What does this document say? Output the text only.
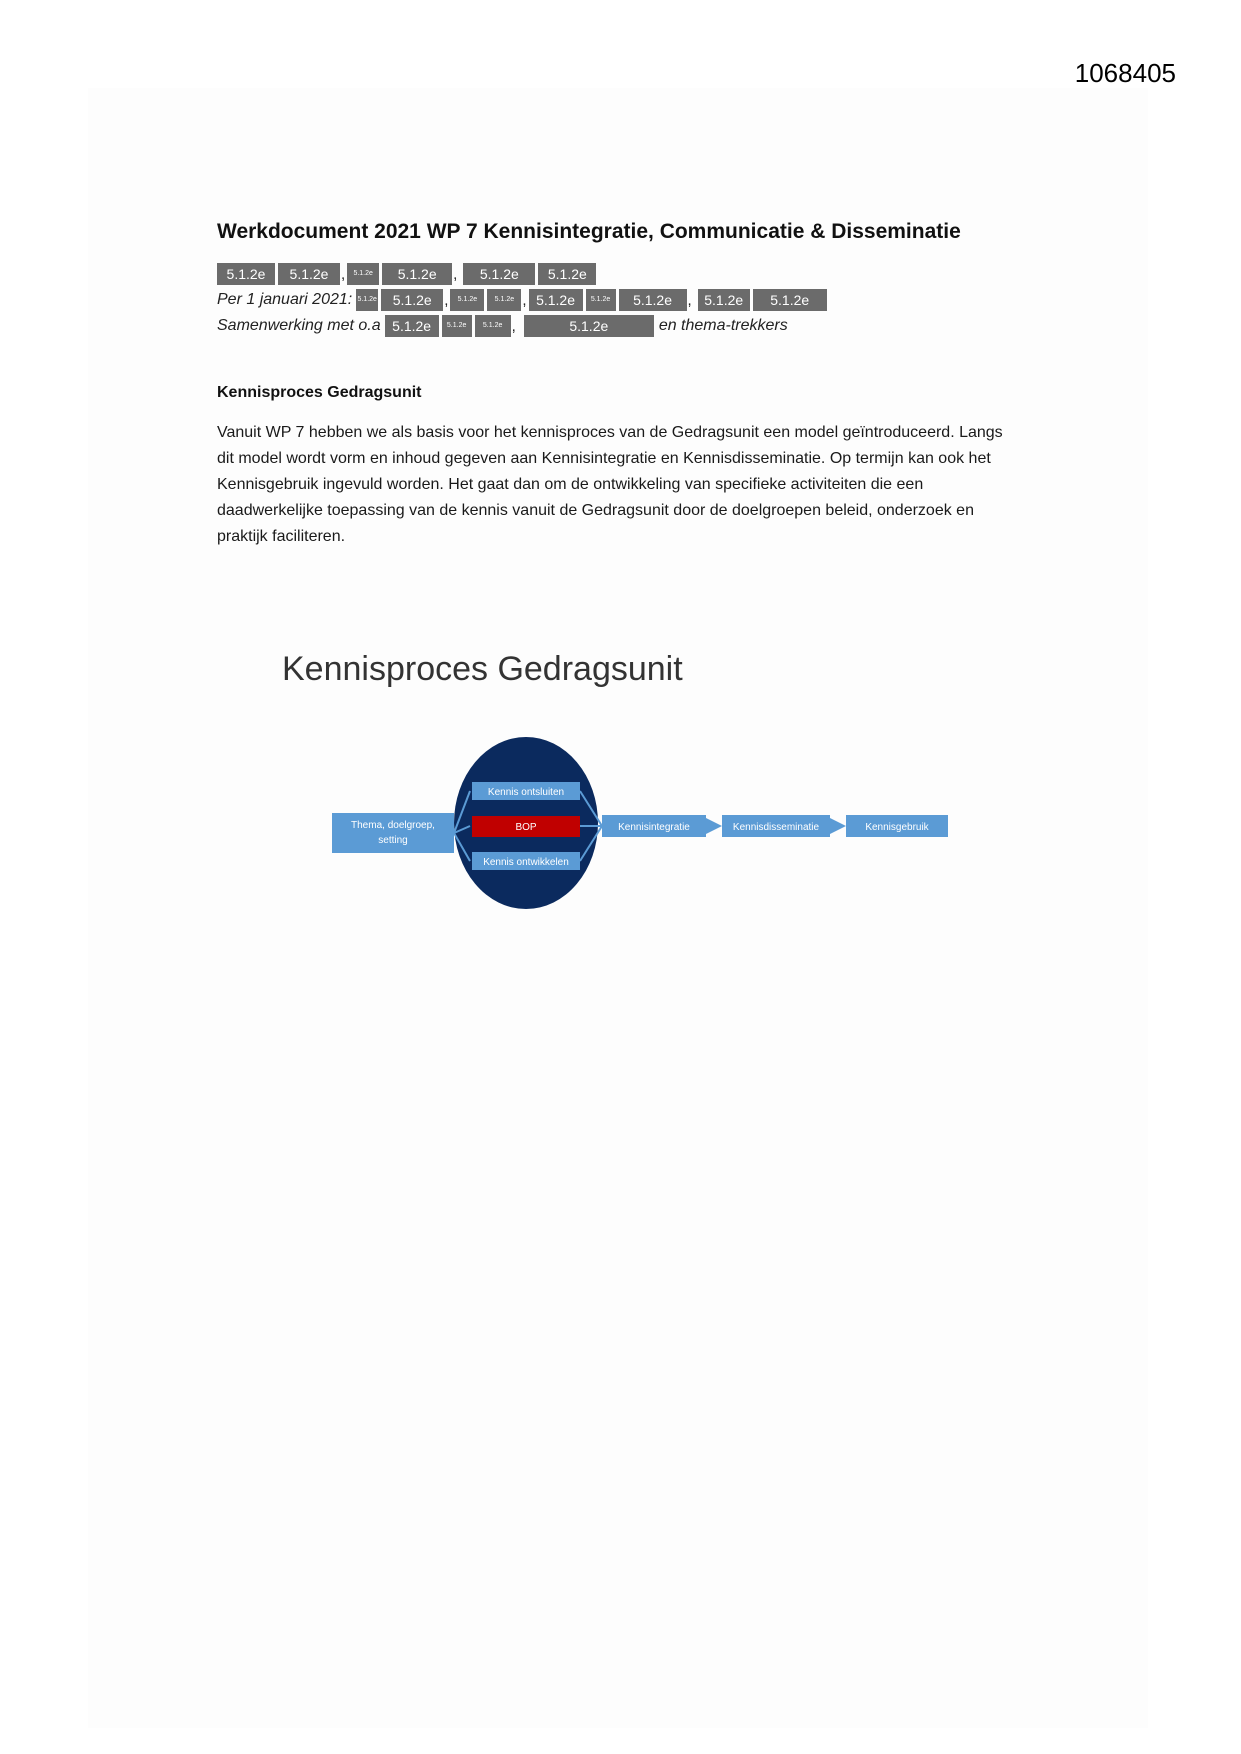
1068405
Werkdocument 2021 WP 7 Kennisintegratie, Communicatie & Disseminatie
5.1.2e	5.1.2e ,	5.1.2e	5.1.2e	,	5.1.2e	5.1.2e
Per 1 januari 2021: 5.1.2e	5.1.2e ,	5.1.2e	5.1.2e , 5.1.2e	5.1.2e	5.1.2e	, 5.1.2e	5.1.2e
Samenwerking met o.a 5.1.2e	5.1.2e	5.1.2e ,	5.1.2e	en thema-trekkers
Kennisproces Gedragsunit
Vanuit WP 7 hebben we als basis voor het kennisproces van de Gedragsunit een model geïntroduceerd. Langs dit model wordt vorm en inhoud gegeven aan Kennisintegratie en Kennisdisseminatie. Op termijn kan ook het Kennisgebruik ingevuld worden. Het gaat dan om de ontwikkeling van specifieke activiteiten die een daadwerkelijke toepassing van de kennis vanuit de Gedragsunit door de doelgroepen beleid, onderzoek en praktijk faciliteren.
Kennisproces Gedragsunit
Thema, doelgroep,
setting
Kennis ontsluiten
BOP
Kennis ontwikkelen
Kennisintegratie	Kennisdisseminatie	Kennisgebruik
